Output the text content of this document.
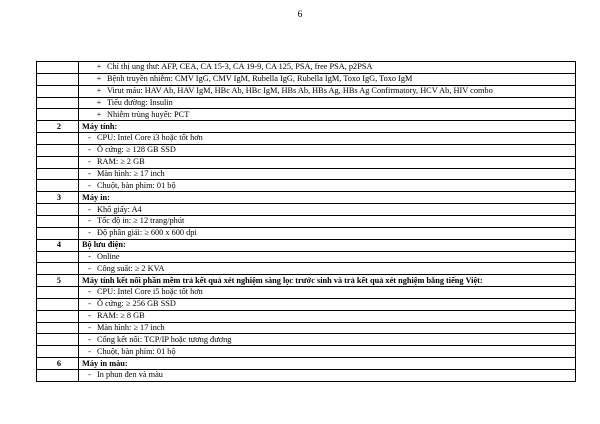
6
	+ Chỉ thị ung thư: AFP, CEA, CA 15-3, CA 19-9, CA 125, PSA, free PSA, p2PSA
	+ Bệnh truyền nhiễm: CMV IgG, CMV IgM, Rubella IgG, Rubella IgM, Toxo IgG, Toxo IgM
	+ Virut máu: HAV Ab, HAV IgM, HBc Ab, HBc IgM, HBs Ab, HBs Ag, HBs Ag Confirmatory, HCV Ab, HIV combo
	+ Tiểu đường: Insulin
	+ Nhiễm trùng huyết: PCT
2	Máy tính:
	- CPU: Intel Core i3 hoặc tốt hơn
	- Ổ cứng: ≥ 128 GB SSD
	- RAM: ≥ 2 GB
	- Màn hình: ≥ 17 inch
	- Chuột, bàn phím: 01 bộ
3	Máy in:
	- Khổ giấy: A4
	- Tốc độ in: ≥ 12 trang/phút
	- Độ phân giải: ≥ 600 x 600 dpi
4	Bộ lưu điện:
	- Online
	- Công suất: ≥ 2 KVA
5	Máy tính kết nối phần mềm trả kết quả xét nghiệm sàng lọc trước sinh và trả kết quả xét nghiệm bằng tiếng Việt:
	- CPU: Intel Core i5 hoặc tốt hơn
	- Ổ cứng: ≥ 256 GB SSD
	- RAM: ≥ 8 GB
	- Màn hình: ≥ 17 inch
	- Cổng kết nối: TCP/IP hoặc tương đương
	- Chuột, bàn phím: 01 bộ
6	Máy in màu:
	- In phun đen và màu
